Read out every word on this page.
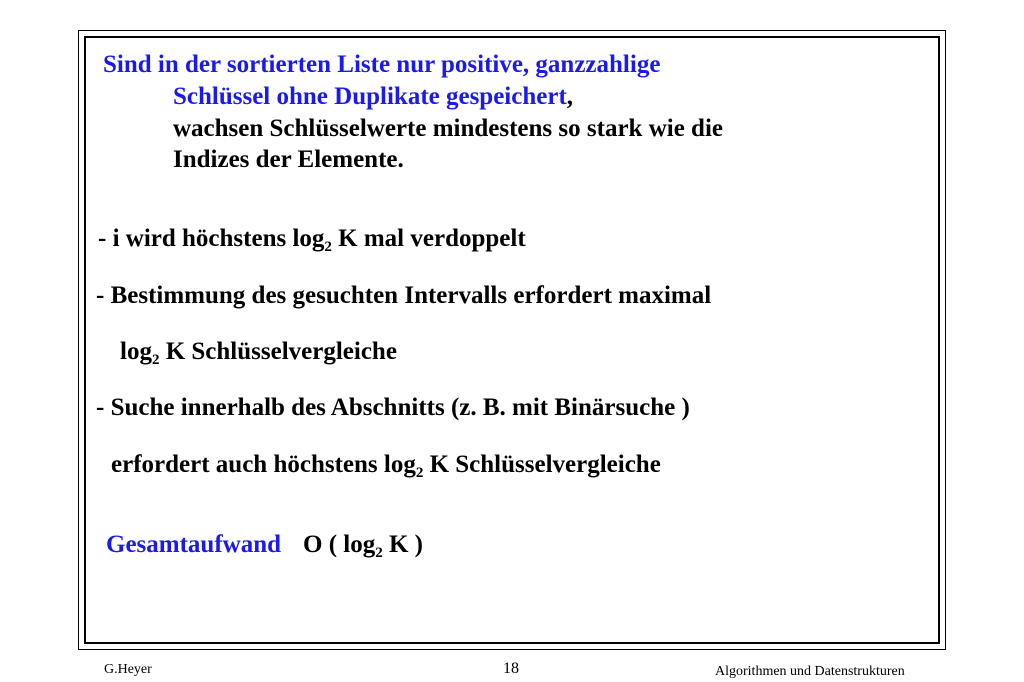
Sind in der sortierten Liste nur positive, ganzzahlige
Schlüssel ohne Duplikate gespeichert,
wachsen Schlüsselwerte mindestens so stark wie die
Indizes der Elemente.
- i wird höchstens $\log_2 K$ mal verdoppelt
- Bestimmung des gesuchten Intervalls erfordert maximal
$\log_2 K$ Schlüsselvergleiche
- Suche innerhalb des Abschnitts (z. B. mit Binärsuche )
erfordert auch höchstens $\log_2 K$ Schlüsselvergleiche
Gesamtaufwand O ( $\log_2 K$ )
G.Heyer	18	Algorithmen und Datenstrukturen
